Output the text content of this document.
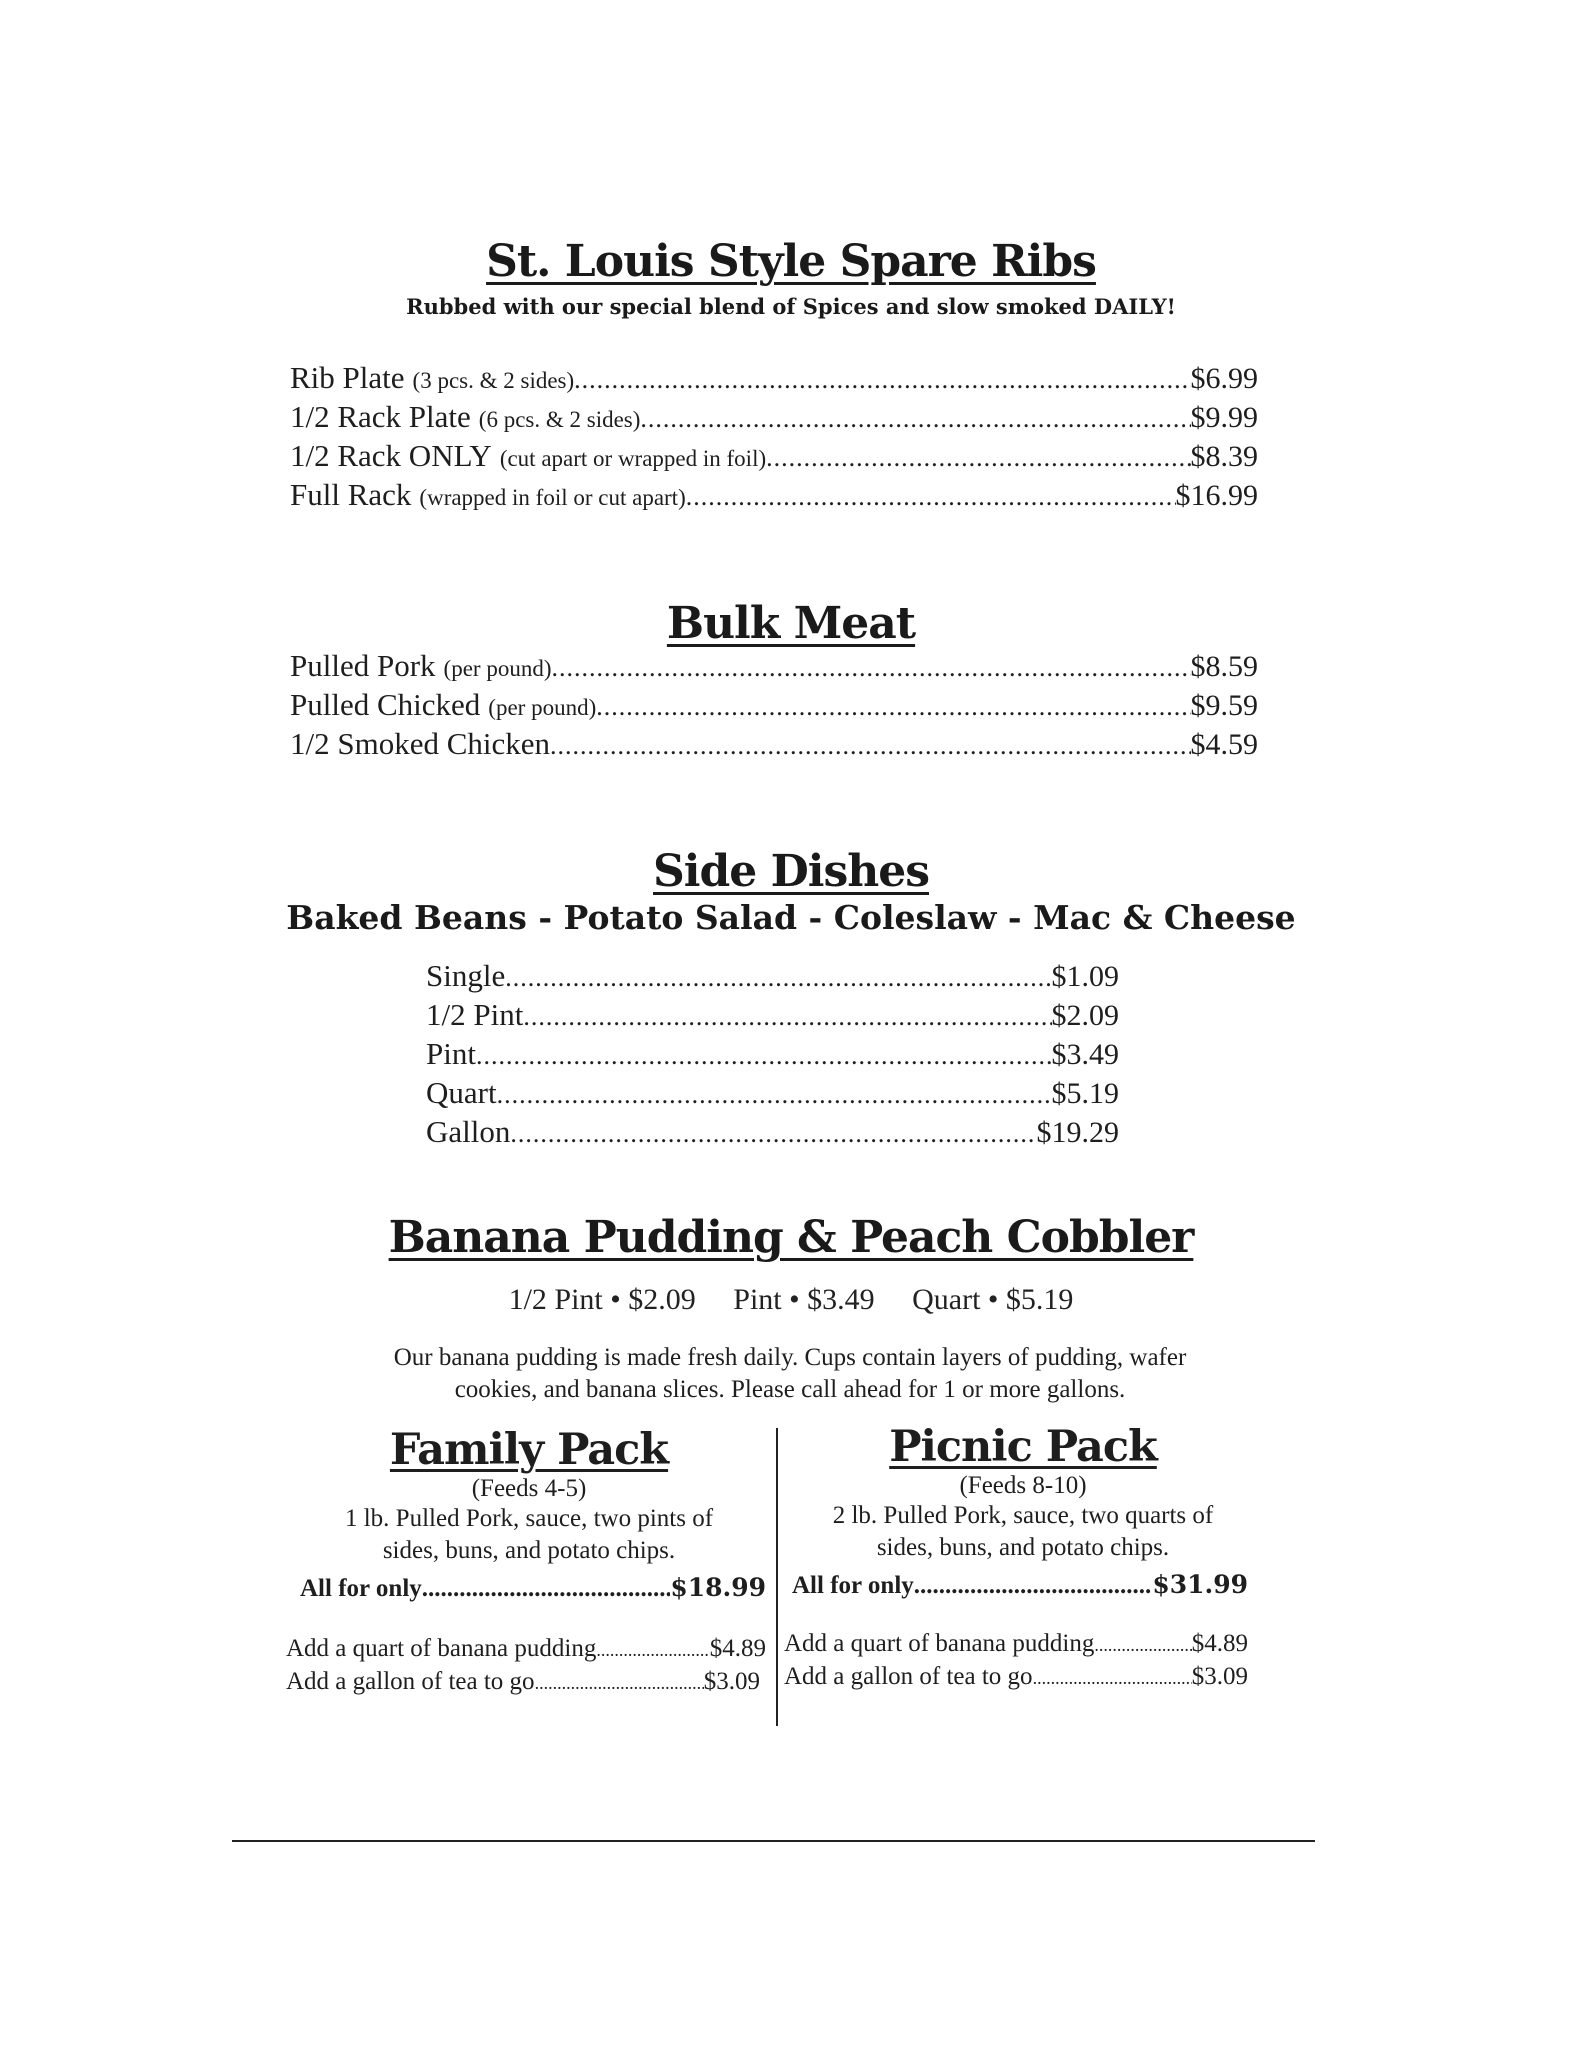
St. Louis Style Spare Ribs
Rubbed with our special blend of Spices and slow smoked DAILY!
Rib Plate (3 pcs. & 2 sides) .....	$6.99
1/2 Rack Plate (6 pcs. & 2 sides) .....	$9.99
1/2 Rack ONLY (cut apart or wrapped in foil) .....	$8.39
Full Rack (wrapped in foil or cut apart) .....	$16.99
Bulk Meat
Pulled Pork (per pound) .....	$8.59
Pulled Chicked (per pound) .....	$9.59
1/2 Smoked Chicken .....	$4.59
Side Dishes
Baked Beans - Potato Salad - Coleslaw - Mac & Cheese
Single .....	$1.09
1/2 Pint .....	$2.09
Pint .....	$3.49
Quart .....	$5.19
Gallon .....	$19.29
Banana Pudding & Peach Cobbler
1/2 Pint • $2.09     Pint • $3.49     Quart • $5.19
Our banana pudding is made fresh daily. Cups contain layers of pudding, wafer
cookies, and banana slices. Please call ahead for 1 or more gallons.
Family Pack
(Feeds 4-5)
1 lb. Pulled Pork, sauce, two pints of
sides, buns, and potato chips.
All for only .....	$18.99
Add a quart of banana pudding .....	$4.89
Add a gallon of tea to go .....	$3.09
Picnic Pack
(Feeds 8-10)
2 lb. Pulled Pork, sauce, two quarts of
sides, buns, and potato chips.
All for only .....	$31.99
Add a quart of banana pudding .....	$4.89
Add a gallon of tea to go .....	$3.09
